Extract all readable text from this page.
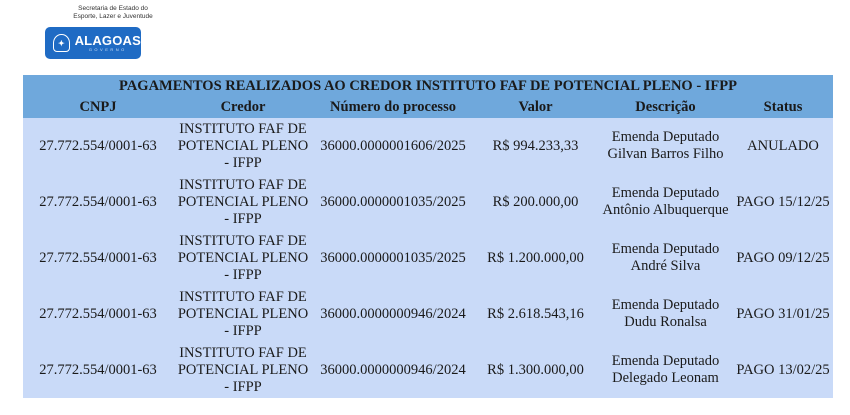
Secretaria de Estado do
Esporte, Lazer e Juventude
✦ ALAGOAS
GOVERNO
PAGAMENTOS REALIZADOS AO CREDOR INSTITUTO FAF DE POTENCIAL PLENO - IFPP					
CNPJ	Credor	Número do processo	Valor	Descrição	Status
27.772.554/0001-63	INSTITUTO FAF DE POTENCIAL PLENO - IFPP	36000.0000001606/2025	R$ 994.233,33	Emenda Deputado Gilvan Barros Filho	ANULADO
27.772.554/0001-63	INSTITUTO FAF DE POTENCIAL PLENO - IFPP	36000.0000001035/2025	R$ 200.000,00	Emenda Deputado Antônio Albuquerque	PAGO 15/12/25
27.772.554/0001-63	INSTITUTO FAF DE POTENCIAL PLENO - IFPP	36000.0000001035/2025	R$ 1.200.000,00	Emenda Deputado André Silva	PAGO 09/12/25
27.772.554/0001-63	INSTITUTO FAF DE POTENCIAL PLENO - IFPP	36000.0000000946/2024	R$ 2.618.543,16	Emenda Deputado Dudu Ronalsa	PAGO 31/01/25
27.772.554/0001-63	INSTITUTO FAF DE POTENCIAL PLENO - IFPP	36000.0000000946/2024	R$ 1.300.000,00	Emenda Deputado Delegado Leonam	PAGO 13/02/25
